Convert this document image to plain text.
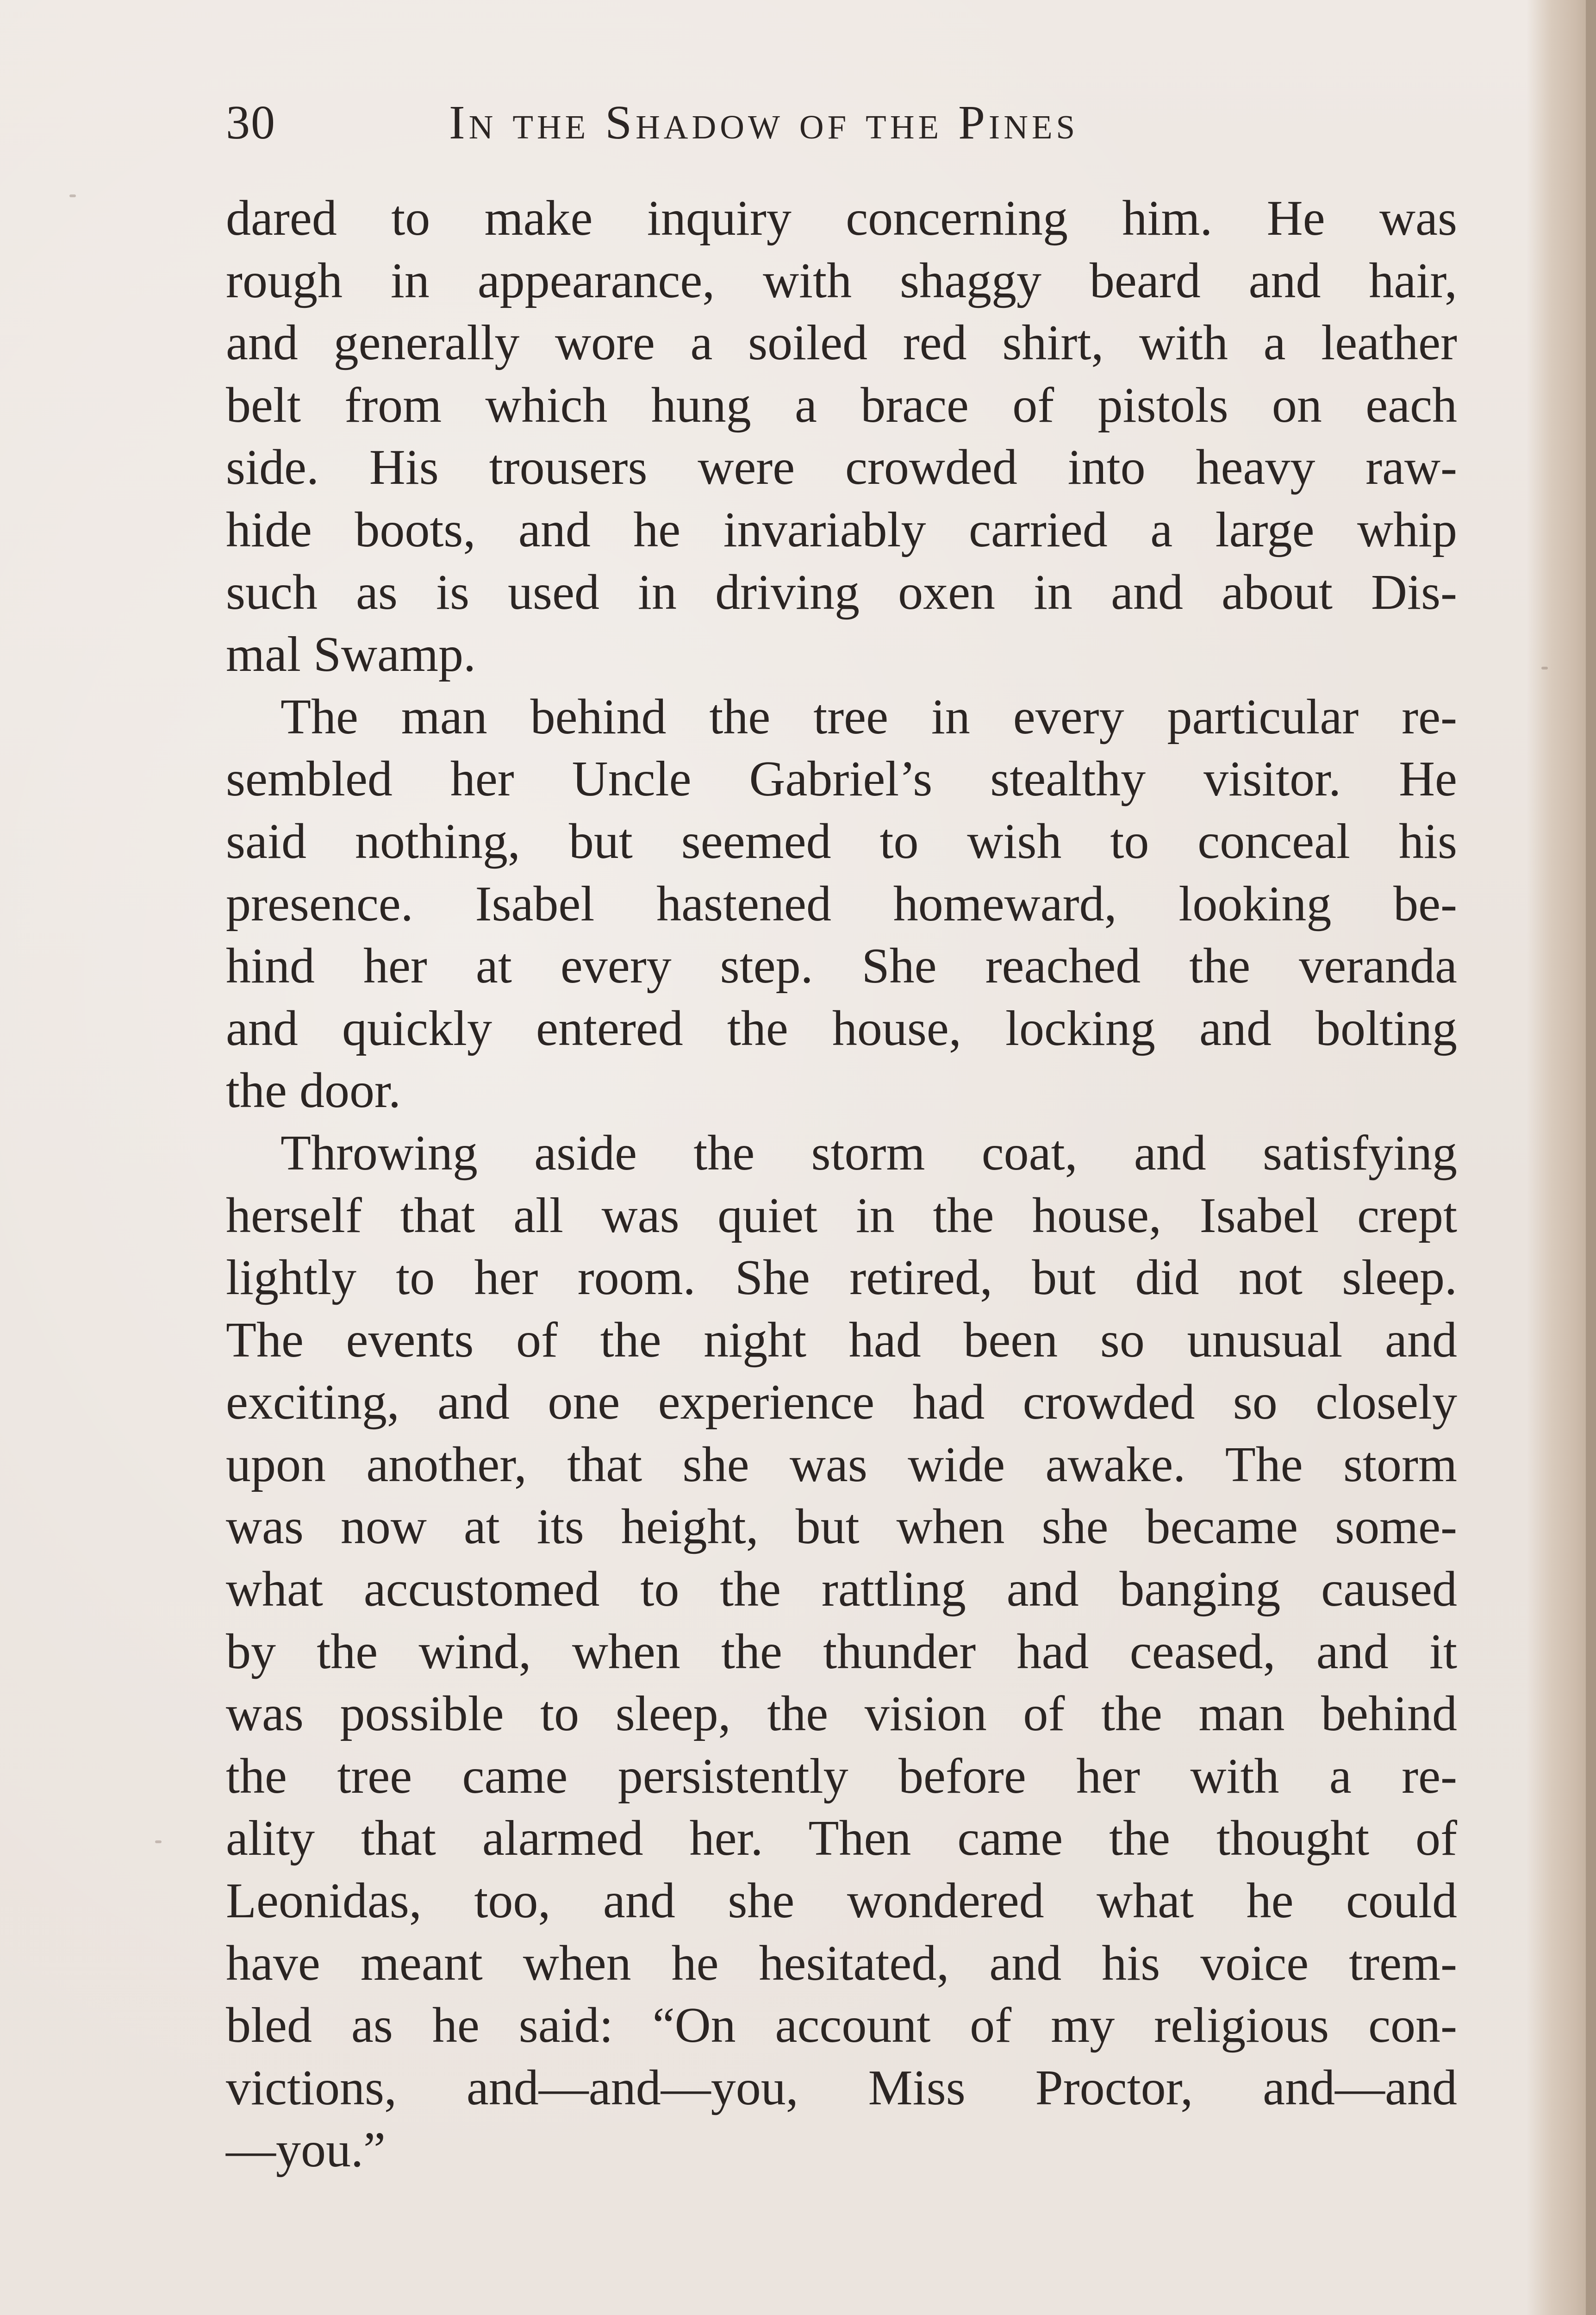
30	In the Shadow of the Pines
dared to make inquiry concerning him. He was
rough in appearance, with shaggy beard and hair,
and generally wore a soiled red shirt, with a leather
belt from which hung a brace of pistols on each
side. His trousers were crowded into heavy raw-
hide boots, and he invariably carried a large whip
such as is used in driving oxen in and about Dis-
mal Swamp.
The man behind the tree in every particular re-
sembled her Uncle Gabriel’s stealthy visitor. He
said nothing, but seemed to wish to conceal his
presence. Isabel hastened homeward, looking be-
hind her at every step. She reached the veranda
and quickly entered the house, locking and bolting
the door.
Throwing aside the storm coat, and satisfying
herself that all was quiet in the house, Isabel crept
lightly to her room. She retired, but did not sleep.
The events of the night had been so unusual and
exciting, and one experience had crowded so closely
upon another, that she was wide awake. The storm
was now at its height, but when she became some-
what accustomed to the rattling and banging caused
by the wind, when the thunder had ceased, and it
was possible to sleep, the vision of the man behind
the tree came persistently before her with a re-
ality that alarmed her. Then came the thought of
Leonidas, too, and she wondered what he could
have meant when he hesitated, and his voice trem-
bled as he said: “On account of my religious con-
victions, and—and—you, Miss Proctor, and—and
—you.”
